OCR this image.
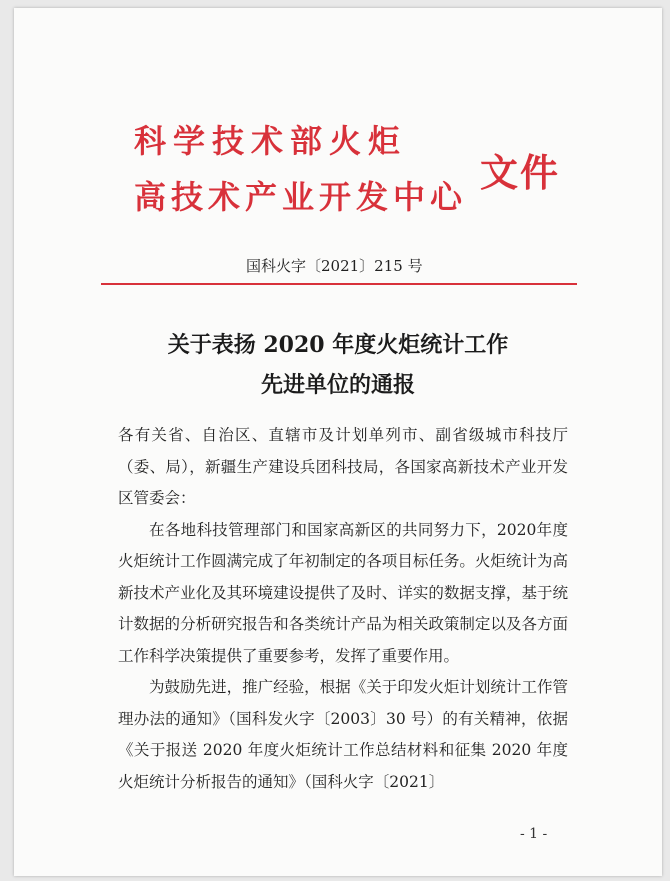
科学技术部火炬
高技术产业开发中心
文件
国科火字〔2021〕215 号
关于表扬 2020 年度火炬统计工作
先进单位的通报

各有关省、自治区、直辖市及计划单列市、副省级城市科技厅（委、局），新疆生产建设兵团科技局，各国家高新技术产业开发区管委会：

在各地科技管理部门和国家高新区的共同努力下，2020年度火炬统计工作圆满完成了年初制定的各项目标任务。火炬统计为高新技术产业化及其环境建设提供了及时、详实的数据支撑，基于统计数据的分析研究报告和各类统计产品为相关政策制定以及各方面工作科学决策提供了重要参考，发挥了重要作用。

为鼓励先进，推广经验，根据《关于印发火炬计划统计工作管理办法的通知》（国科发火字〔2003〕30 号）的有关精神，依据《关于报送 2020 年度火炬统计工作总结材料和征集 2020 年度火炬统计分析报告的通知》（国科火字〔2021〕

- 1 -
